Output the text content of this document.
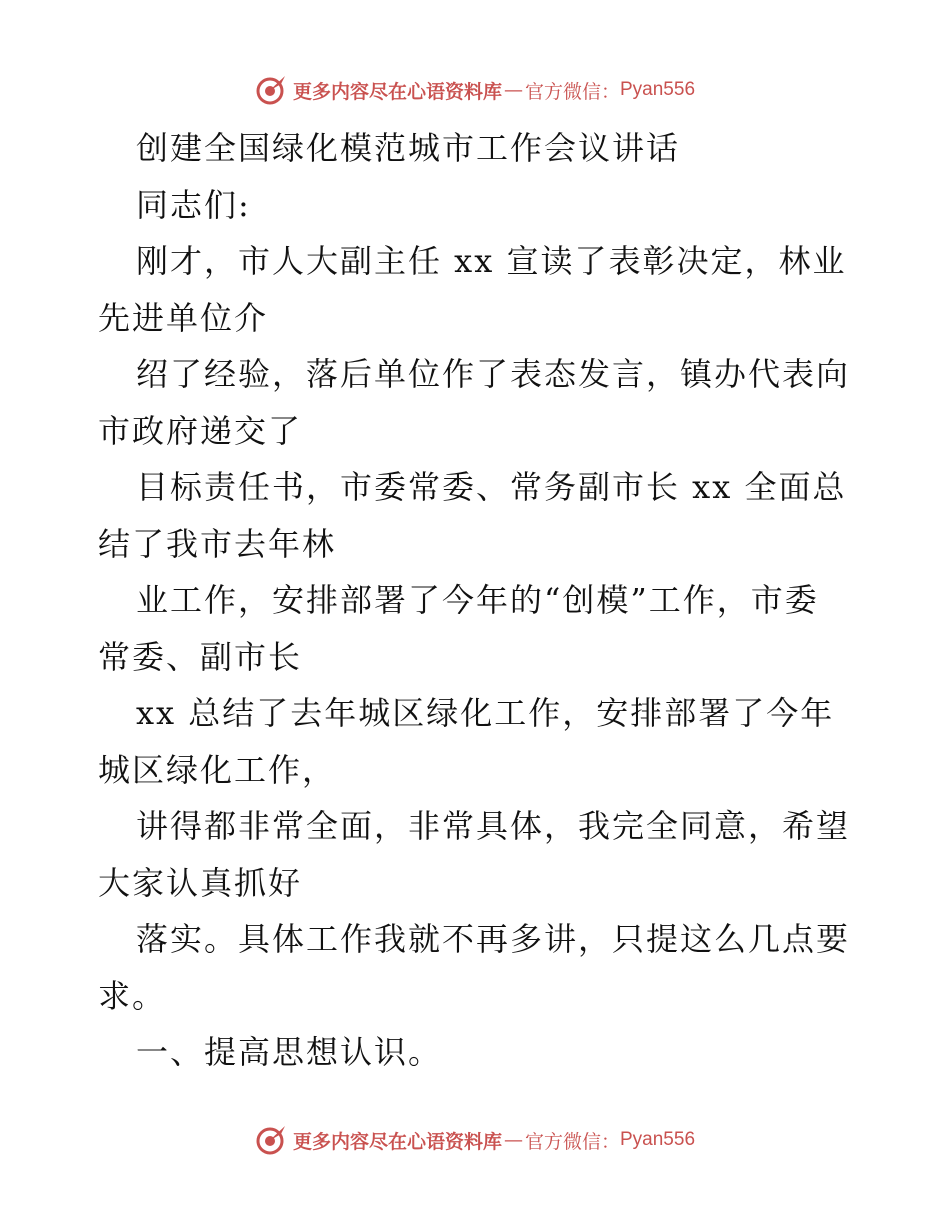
更多内容尽在心语资料库 — 官方微信： Pyan556
创建全国绿化模范城市工作会议讲话
同志们:
刚才，市人大副主任 xx 宣读了表彰决定，林业
先进单位介
绍了经验，落后单位作了表态发言，镇办代表向
市政府递交了
目标责任书，市委常委、常务副市长 xx 全面总
结了我市去年林
业工作，安排部署了今年的“创模”工作，市委
常委、副市长
xx 总结了去年城区绿化工作，安排部署了今年
城区绿化工作，
讲得都非常全面，非常具体，我完全同意，希望
大家认真抓好
落实。具体工作我就不再多讲，只提这么几点要
求。
一、提高思想认识。
更多内容尽在心语资料库 — 官方微信： Pyan556
